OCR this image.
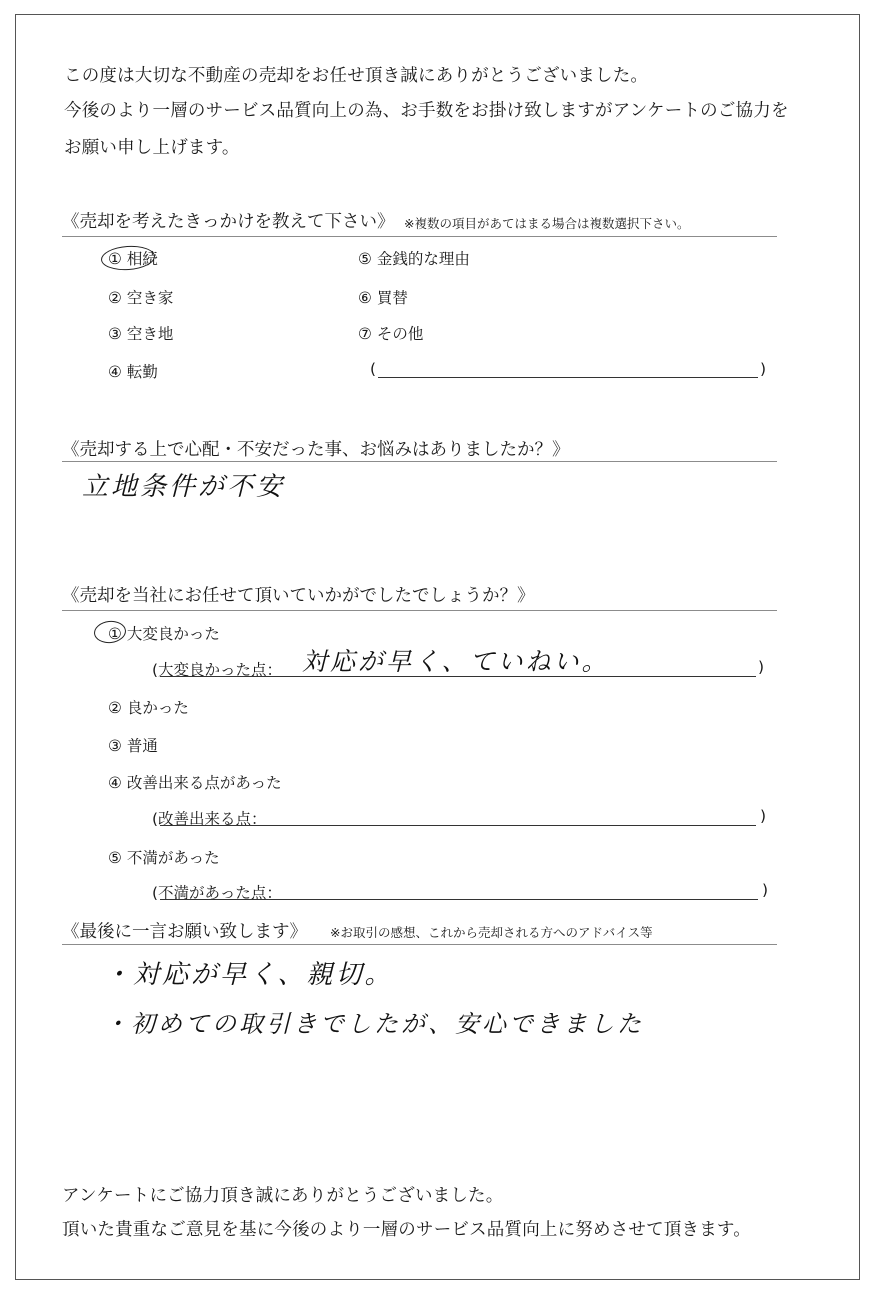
この度は大切な不動産の売却をお任せ頂き誠にありがとうございました。
今後のより一層のサービス品質向上の為、お手数をお掛け致しますがアンケートのご協力を
お願い申し上げます。
《売却を考えたきっかけを教えて下さい》 ※複数の項目があてはまる場合は複数選択下さい。
① 相続
② 空き家
③ 空き地
④ 転勤
⑤ 金銭的な理由
⑥ 買替
⑦ その他
(	)
《売却する上で心配・不安だった事、お悩みはありましたか？》
立地条件が不安
《売却を当社にお任せて頂いていかがでしたでしょうか？》
① 大変良かった
(大変良かった点： 対応が早く、ていねい。	)
② 良かった
③ 普通
④ 改善出来る点があった
(改善出来る点：	)
⑤ 不満があった
(不満があった点：	)
《最後に一言お願い致します》 ※お取引の感想、これから売却される方へのアドバイス等
・対応が早く、親切。
・初めての取引きでしたが、安心できました
アンケートにご協力頂き誠にありがとうございました。
頂いた貴重なご意見を基に今後のより一層のサービス品質向上に努めさせて頂きます。
